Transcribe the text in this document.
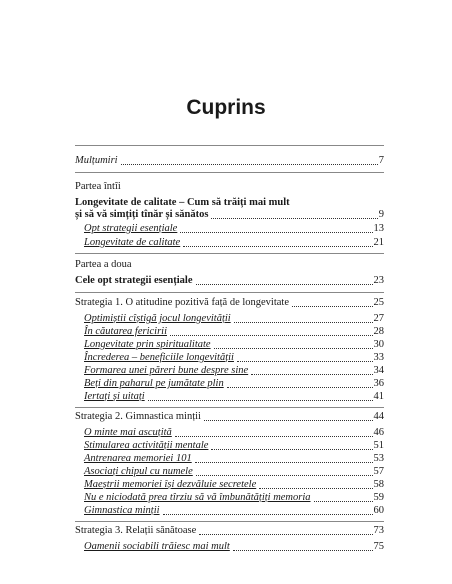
Cuprins
Mulțumiri	7
Partea întîi
Longevitate de calitate – Cum să trăiți mai mult
și să vă simțiți tînăr și sănătos	9
Opt strategii esențiale	13
Longevitate de calitate	21
Partea a doua
Cele opt strategii esențiale	23
Strategia 1. O atitudine pozitivă față de longevitate	25
Optimiștii cîștigă jocul longevității	27
În căutarea fericirii	28
Longevitate prin spiritualitate	30
Încrederea – beneficiile longevității	33
Formarea unei păreri bune despre sine	34
Beți din paharul pe jumătate plin	36
Iertați și uitați	41
Strategia 2. Gimnastica minții	44
O minte mai ascuțită	46
Stimularea activității mentale	51
Antrenarea memoriei 101	53
Asociați chipul cu numele	57
Maeștrii memoriei își dezvăluie secretele	58
Nu e niciodată prea tîrziu să vă îmbunătățiți memoria	59
Gimnastica minții	60
Strategia 3. Relații sănătoase	73
Oamenii sociabili trăiesc mai mult	75
